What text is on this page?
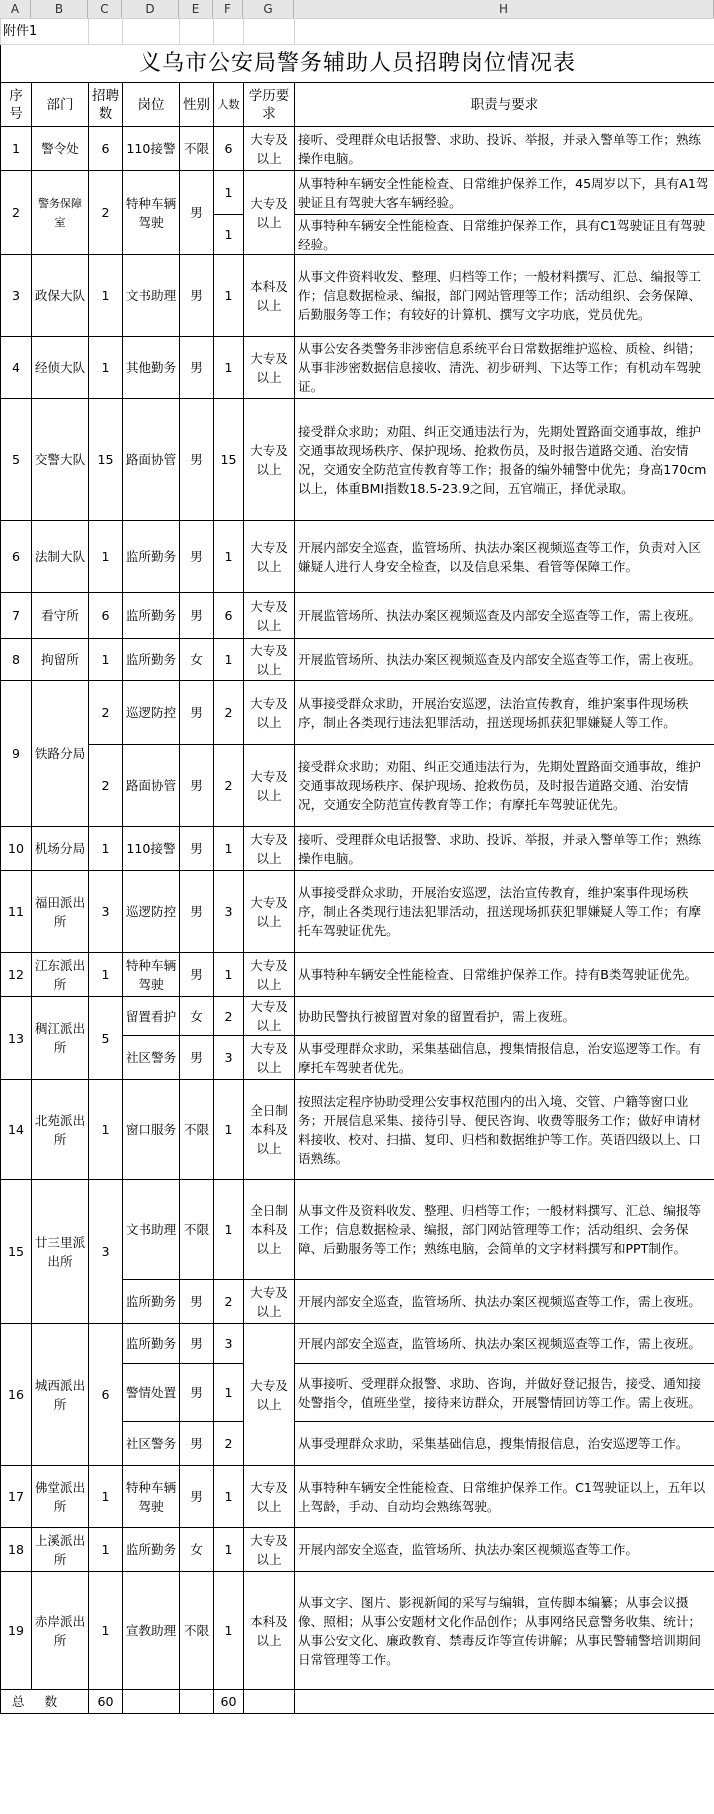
A	B	C	D	E	F	G	H
附件1							
义乌市公安局警务辅助人员招聘岗位情况表							
序号	部门	招聘数	岗位	性别	人数	学历要求	职责与要求
1	警令处	6	110接警	不限	6	大专及以上	接听、受理群众电话报警、求助、投诉、举报，并录入警单等工作；熟练操作电脑。
2	警务保障室	2	特种车辆驾驶	男	1	大专及以上	从事特种车辆安全性能检查、日常维护保养工作，45周岁以下，具有A1驾驶证且有驾驶大客车辆经验。
					1		从事特种车辆安全性能检查、日常维护保养工作，具有C1驾驶证且有驾驶经验。
3	政保大队	1	文书助理	男	1	本科及以上	从事文件资料收发、整理、归档等工作；一般材料撰写、汇总、编报等工作；信息数据检录、编报，部门网站管理等工作；活动组织、会务保障、后勤服务等工作；有较好的计算机、撰写文字功底，党员优先。
4	经侦大队	1	其他勤务	男	1	大专及以上	从事公安各类警务非涉密信息系统平台日常数据维护巡检、质检、纠错；从事非涉密数据信息接收、清洗、初步研判、下达等工作；有机动车驾驶证。
5	交警大队	15	路面协管	男	15	大专及以上	接受群众求助；劝阻、纠正交通违法行为，先期处置路面交通事故，维护交通事故现场秩序、保护现场、抢救伤员，及时报告道路交通、治安情况，交通安全防范宣传教育等工作；报备的编外辅警中优先；身高170cm以上，体重BMI指数18.5-23.9之间，五官端正，择优录取。
6	法制大队	1	监所勤务	男	1	大专及以上	开展内部安全巡查，监管场所、执法办案区视频巡查等工作，负责对入区嫌疑人进行人身安全检查，以及信息采集、看管等保障工作。
7	看守所	6	监所勤务	男	6	大专及以上	开展监管场所、执法办案区视频巡查及内部安全巡查等工作，需上夜班。
8	拘留所	1	监所勤务	女	1	大专及以上	开展监管场所、执法办案区视频巡查及内部安全巡查等工作，需上夜班。
9	铁路分局	2	巡逻防控	男	2	大专及以上	从事接受群众求助，开展治安巡逻，法治宣传教育，维护案事件现场秩序，制止各类现行违法犯罪活动，扭送现场抓获犯罪嫌疑人等工作。
		2	路面协管	男	2	大专及以上	接受群众求助；劝阻、纠正交通违法行为，先期处置路面交通事故，维护交通事故现场秩序、保护现场、抢救伤员，及时报告道路交通、治安情况，交通安全防范宣传教育等工作；有摩托车驾驶证优先。
10	机场分局	1	110接警	男	1	大专及以上	接听、受理群众电话报警、求助、投诉、举报，并录入警单等工作；熟练操作电脑。
11	福田派出所	3	巡逻防控	男	3	大专及以上	从事接受群众求助，开展治安巡逻，法治宣传教育，维护案事件现场秩序，制止各类现行违法犯罪活动，扭送现场抓获犯罪嫌疑人等工作；有摩托车驾驶证优先。
12	江东派出所	1	特种车辆驾驶	男	1	大专及以上	从事特种车辆安全性能检查、日常维护保养工作。持有B类驾驶证优先。
13	稠江派出所	5	留置看护	女	2	大专及以上	协助民警执行被留置对象的留置看护，需上夜班。
			社区警务	男	3	大专及以上	从事受理群众求助，采集基础信息，搜集情报信息，治安巡逻等工作。有摩托车驾驶者优先。
14	北苑派出所	1	窗口服务	不限	1	全日制本科及以上	按照法定程序协助受理公安事权范围内的出入境、交管、户籍等窗口业务；开展信息采集、接待引导、便民咨询、收费等服务工作；做好申请材料接收、校对、扫描、复印、归档和数据维护等工作。英语四级以上、口语熟练。
15	廿三里派出所	3	文书助理	不限	1	全日制本科及以上	从事文件及资料收发、整理、归档等工作；一般材料撰写、汇总、编报等工作；信息数据检录、编报，部门网站管理等工作；活动组织、会务保障、后勤服务等工作；熟练电脑，会简单的文字材料撰写和PPT制作。
			监所勤务	男	2	大专及以上	开展内部安全巡查，监管场所、执法办案区视频巡查等工作，需上夜班。
16	城西派出所	6	监所勤务	男	3	大专及以上	开展内部安全巡查，监管场所、执法办案区视频巡查等工作，需上夜班。
			警情处置	男	1		从事接听、受理群众报警、求助、咨询，并做好登记报告，接受、通知接处警指令，值班坐堂，接待来访群众，开展警情回访等工作。需上夜班。
			社区警务	男	2		从事受理群众求助，采集基础信息，搜集情报信息，治安巡逻等工作。
17	佛堂派出所	1	特种车辆驾驶	男	1	大专及以上	从事特种车辆安全性能检查、日常维护保养工作。C1驾驶证以上，五年以上驾龄，手动、自动均会熟练驾驶。
18	上溪派出所	1	监所勤务	女	1	大专及以上	开展内部安全巡查，监管场所、执法办案区视频巡查等工作。
19	赤岸派出所	1	宣教助理	不限	1	本科及以上	从事文字、图片、影视新闻的采写与编辑，宣传脚本编纂；从事会议摄像、照相；从事公安题材文化作品创作；从事网络民意警务收集、统计；从事公安文化、廉政教育、禁毒反诈等宣传讲解；从事民警辅警培训期间日常管理等工作。
总数		60			60		
